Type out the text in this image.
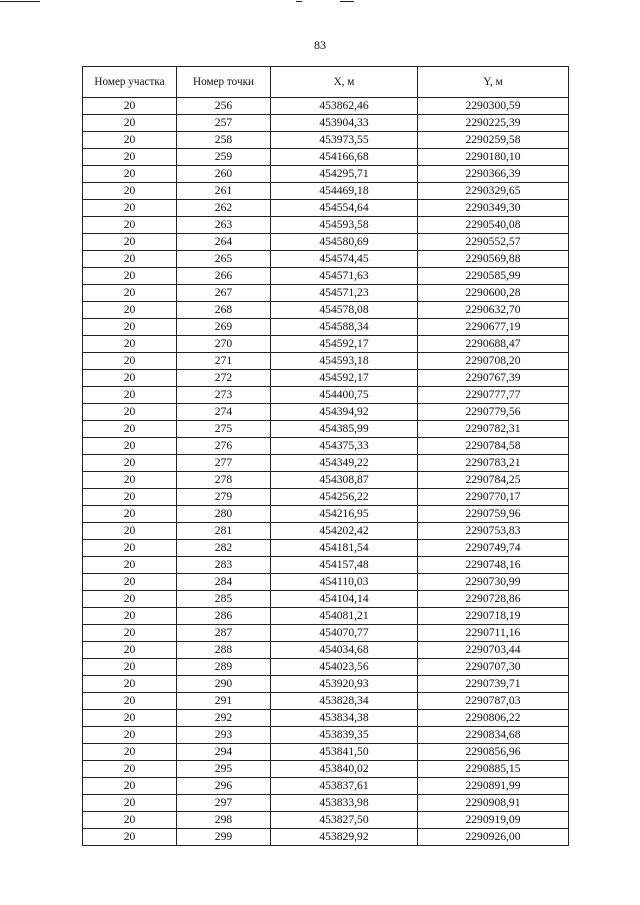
83
Номер участка	Номер точки	X, м	Y, м
20	256	453862,46	2290300,59
20	257	453904,33	2290225,39
20	258	453973,55	2290259,58
20	259	454166,68	2290180,10
20	260	454295,71	2290366,39
20	261	454469,18	2290329,65
20	262	454554,64	2290349,30
20	263	454593,58	2290540,08
20	264	454580,69	2290552,57
20	265	454574,45	2290569,88
20	266	454571,63	2290585,99
20	267	454571,23	2290600,28
20	268	454578,08	2290632,70
20	269	454588,34	2290677,19
20	270	454592,17	2290688,47
20	271	454593,18	2290708,20
20	272	454592,17	2290767,39
20	273	454400,75	2290777,77
20	274	454394,92	2290779,56
20	275	454385,99	2290782,31
20	276	454375,33	2290784,58
20	277	454349,22	2290783,21
20	278	454308,87	2290784,25
20	279	454256,22	2290770,17
20	280	454216,95	2290759,96
20	281	454202,42	2290753,83
20	282	454181,54	2290749,74
20	283	454157,48	2290748,16
20	284	454110,03	2290730,99
20	285	454104,14	2290728,86
20	286	454081,21	2290718,19
20	287	454070,77	2290711,16
20	288	454034,68	2290703,44
20	289	454023,56	2290707,30
20	290	453920,93	2290739,71
20	291	453828,34	2290787,03
20	292	453834,38	2290806,22
20	293	453839,35	2290834,68
20	294	453841,50	2290856,96
20	295	453840,02	2290885,15
20	296	453837,61	2290891,99
20	297	453833,98	2290908,91
20	298	453827,50	2290919,09
20	299	453829,92	2290926,00
